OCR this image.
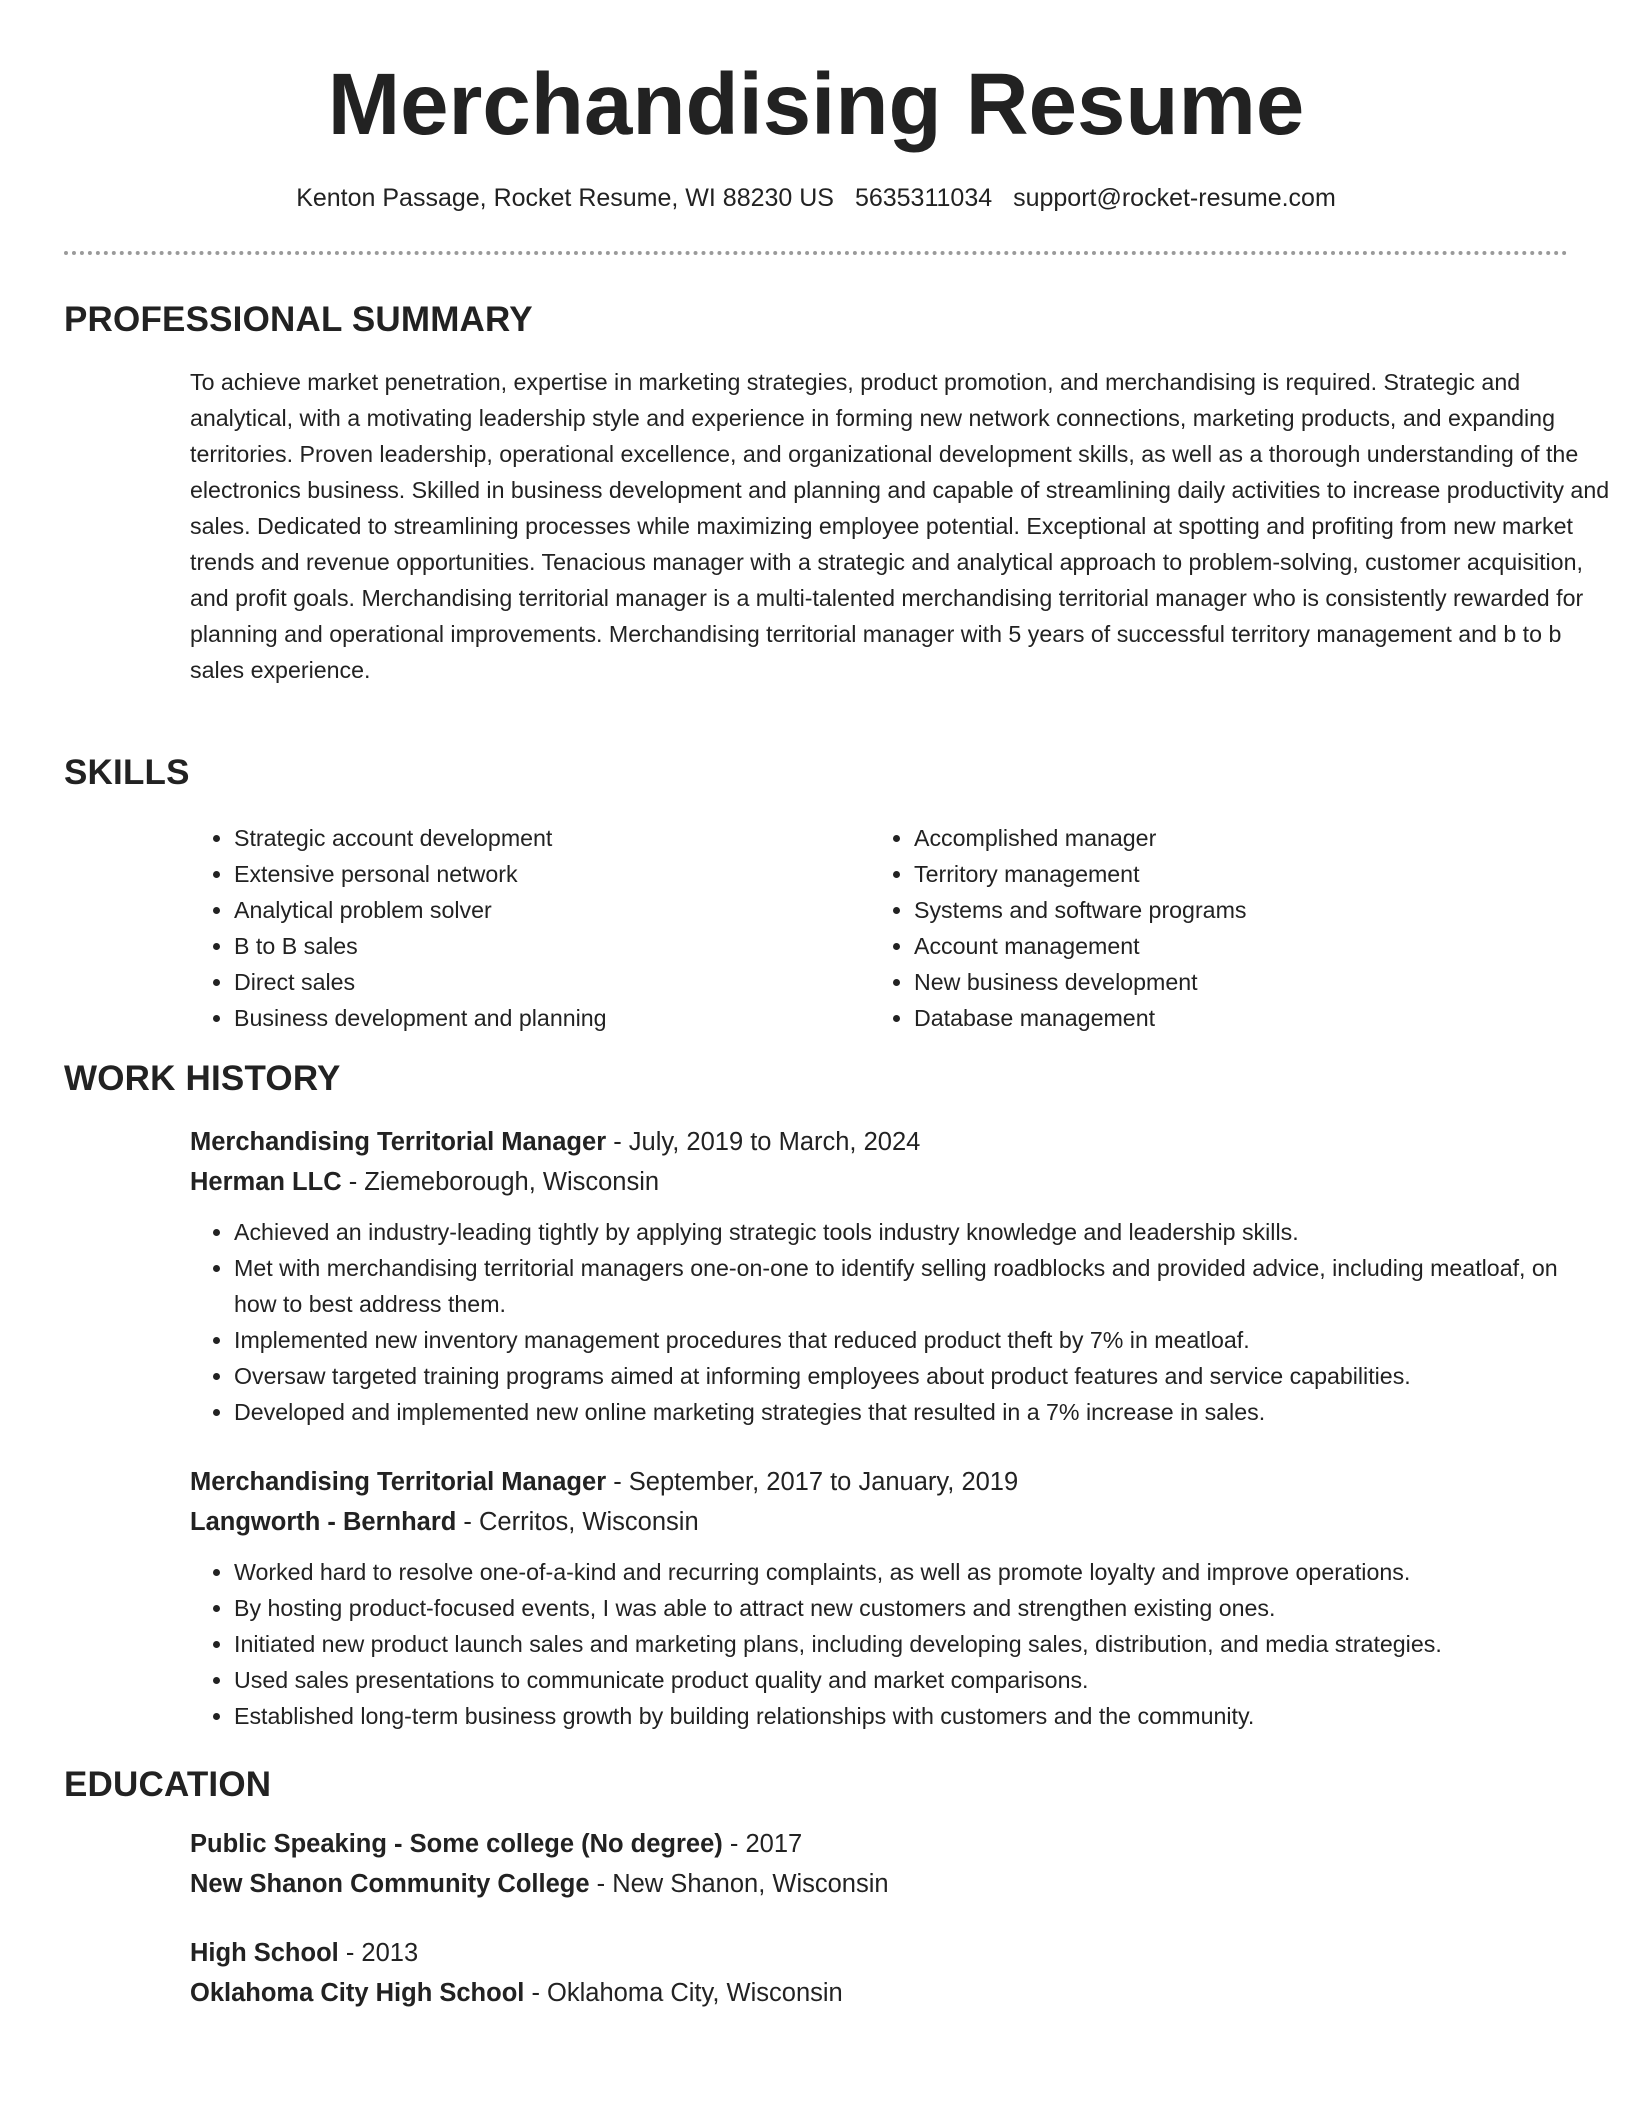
Merchandising Resume
Kenton Passage, Rocket Resume, WI 88230 US 5635311034 support@rocket-resume.com
PROFESSIONAL SUMMARY

To achieve market penetration, expertise in marketing strategies, product promotion, and merchandising is required. Strategic and analytical, with a motivating leadership style and experience in forming new network connections, marketing products, and expanding territories. Proven leadership, operational excellence, and organizational development skills, as well as a thorough understanding of the electronics business. Skilled in business development and planning and capable of streamlining daily activities to increase productivity and sales. Dedicated to streamlining processes while maximizing employee potential. Exceptional at spotting and profiting from new market trends and revenue opportunities. Tenacious manager with a strategic and analytical approach to problem-solving, customer acquisition, and profit goals. Merchandising territorial manager is a multi-talented merchandising territorial manager who is consistently rewarded for planning and operational improvements. Merchandising territorial manager with 5 years of successful territory management and b to b sales experience.

SKILLS
• Strategic account development
• Extensive personal network
• Analytical problem solver
• B to B sales
• Direct sales
• Business development and planning
• Accomplished manager
• Territory management
• Systems and software programs
• Account management
• New business development
• Database management
WORK HISTORY
Merchandising Territorial Manager - July, 2019 to March, 2024
Herman LLC - Ziemeborough, Wisconsin
• Achieved an industry-leading tightly by applying strategic tools industry knowledge and leadership skills.
• Met with merchandising territorial managers one-on-one to identify selling roadblocks and provided advice, including meatloaf, on how to best address them.
• Implemented new inventory management procedures that reduced product theft by 7% in meatloaf.
• Oversaw targeted training programs aimed at informing employees about product features and service capabilities.
• Developed and implemented new online marketing strategies that resulted in a 7% increase in sales.
Merchandising Territorial Manager - September, 2017 to January, 2019
Langworth - Bernhard - Cerritos, Wisconsin
• Worked hard to resolve one-of-a-kind and recurring complaints, as well as promote loyalty and improve operations.
• By hosting product-focused events, I was able to attract new customers and strengthen existing ones.
• Initiated new product launch sales and marketing plans, including developing sales, distribution, and media strategies.
• Used sales presentations to communicate product quality and market comparisons.
• Established long-term business growth by building relationships with customers and the community.
EDUCATION
Public Speaking - Some college (No degree) - 2017
New Shanon Community College - New Shanon, Wisconsin
High School - 2013
Oklahoma City High School - Oklahoma City, Wisconsin
